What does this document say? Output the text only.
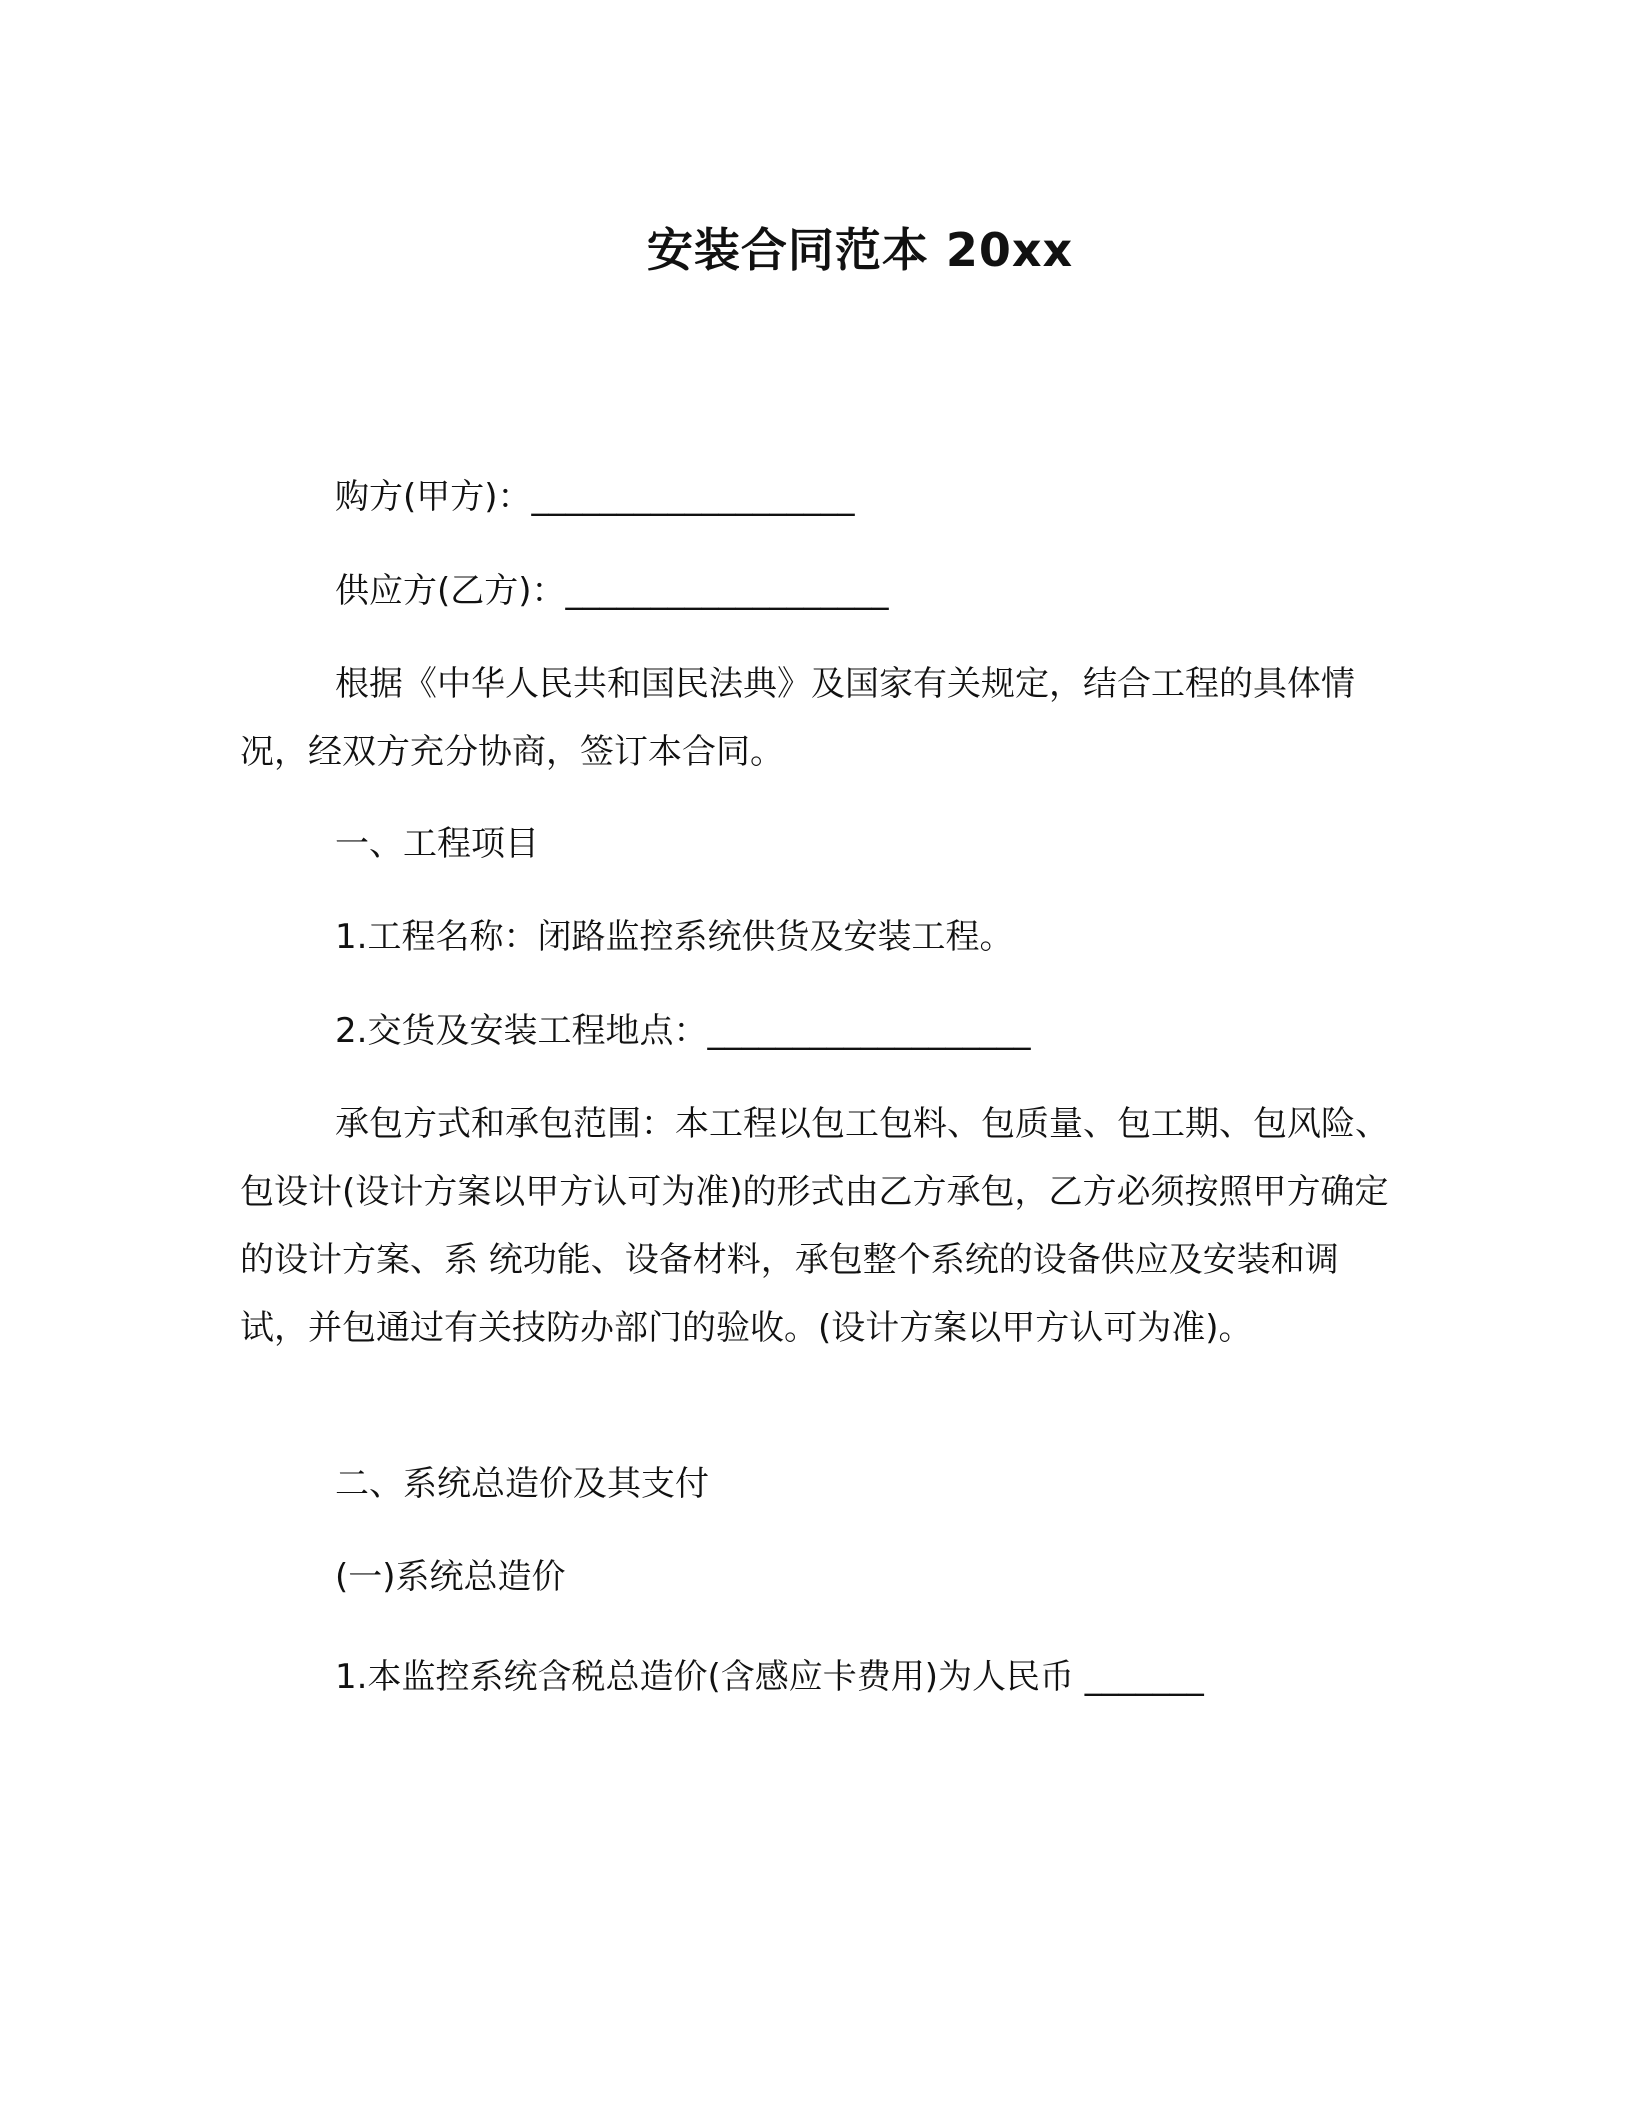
安装合同范本 20xx
购方(甲方)：___________________
供应方(乙方)：___________________
根据《中华人民共和国民法典》及国家有关规定，结合工程的具体情况，经双方充分协商，签订本合同。
一、工程项目
1.工程名称：闭路监控系统供货及安装工程。
2.交货及安装工程地点：___________________
承包方式和承包范围：本工程以包工包料、包质量、包工期、包风险、包设计(设计方案以甲方认可为准)的形式由乙方承包，乙方必须按照甲方确定的设计方案、系 统功能、设备材料，承包整个系统的设备供应及安装和调试，并包通过有关技防办部门的验收。(设计方案以甲方认可为准)。
二、系统总造价及其支付
(一)系统总造价
1.本监控系统含税总造价(含感应卡费用)为人民币 _______
